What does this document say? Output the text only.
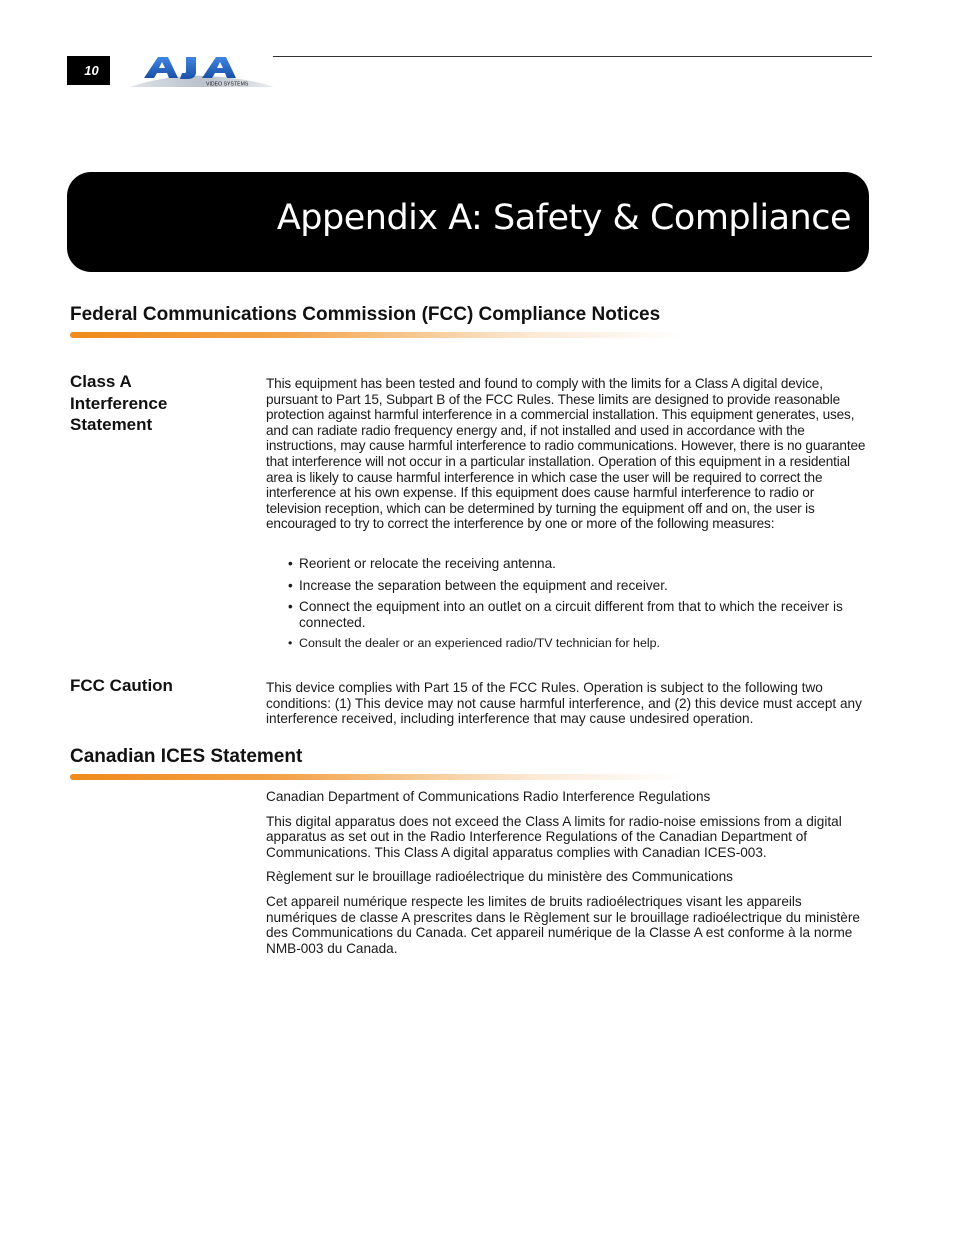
10
VIDEO SYSTEMS
Appendix A: Safety & Compliance
Federal Communications Commission (FCC) Compliance Notices
Class A Interference Statement

This equipment has been tested and found to comply with the limits for a Class A digital device, pursuant to Part 15, Subpart B of the FCC Rules. These limits are designed to provide reasonable protection against harmful interference in a commercial installation. This equipment generates, uses, and can radiate radio frequency energy and, if not installed and used in accordance with the instructions, may cause harmful interference to radio communications. However, there is no guarantee that interference will not occur in a particular installation. Operation of this equipment in a residential area is likely to cause harmful interference in which case the user will be required to correct the interference at his own expense. If this equipment does cause harmful interference to radio or television reception, which can be determined by turning the equipment off and on, the user is encouraged to try to correct the interference by one or more of the following measures:

• Reorient or relocate the receiving antenna.
• Increase the separation between the equipment and receiver.
• Connect the equipment into an outlet on a circuit different from that to which the receiver is connected.
• Consult the dealer or an experienced radio/TV technician for help.
FCC Caution	This device complies with Part 15 of the FCC Rules. Operation is subject to the following two conditions: (1) This device may not cause harmful interference, and (2) this device must accept any interference received, including interference that may cause undesired operation.

Canadian ICES Statement

Canadian Department of Communications Radio Interference Regulations

This digital apparatus does not exceed the Class A limits for radio-noise emissions from a digital apparatus as set out in the Radio Interference Regulations of the Canadian Department of Communications. This Class A digital apparatus complies with Canadian ICES-003.

Règlement sur le brouillage radioélectrique du ministère des Communications

Cet appareil numérique respecte les limites de bruits radioélectriques visant les appareils numériques de classe A prescrites dans le Règlement sur le brouillage radioélectrique du ministère des Communications du Canada. Cet appareil numérique de la Classe A est conforme à la norme NMB-003 du Canada.
